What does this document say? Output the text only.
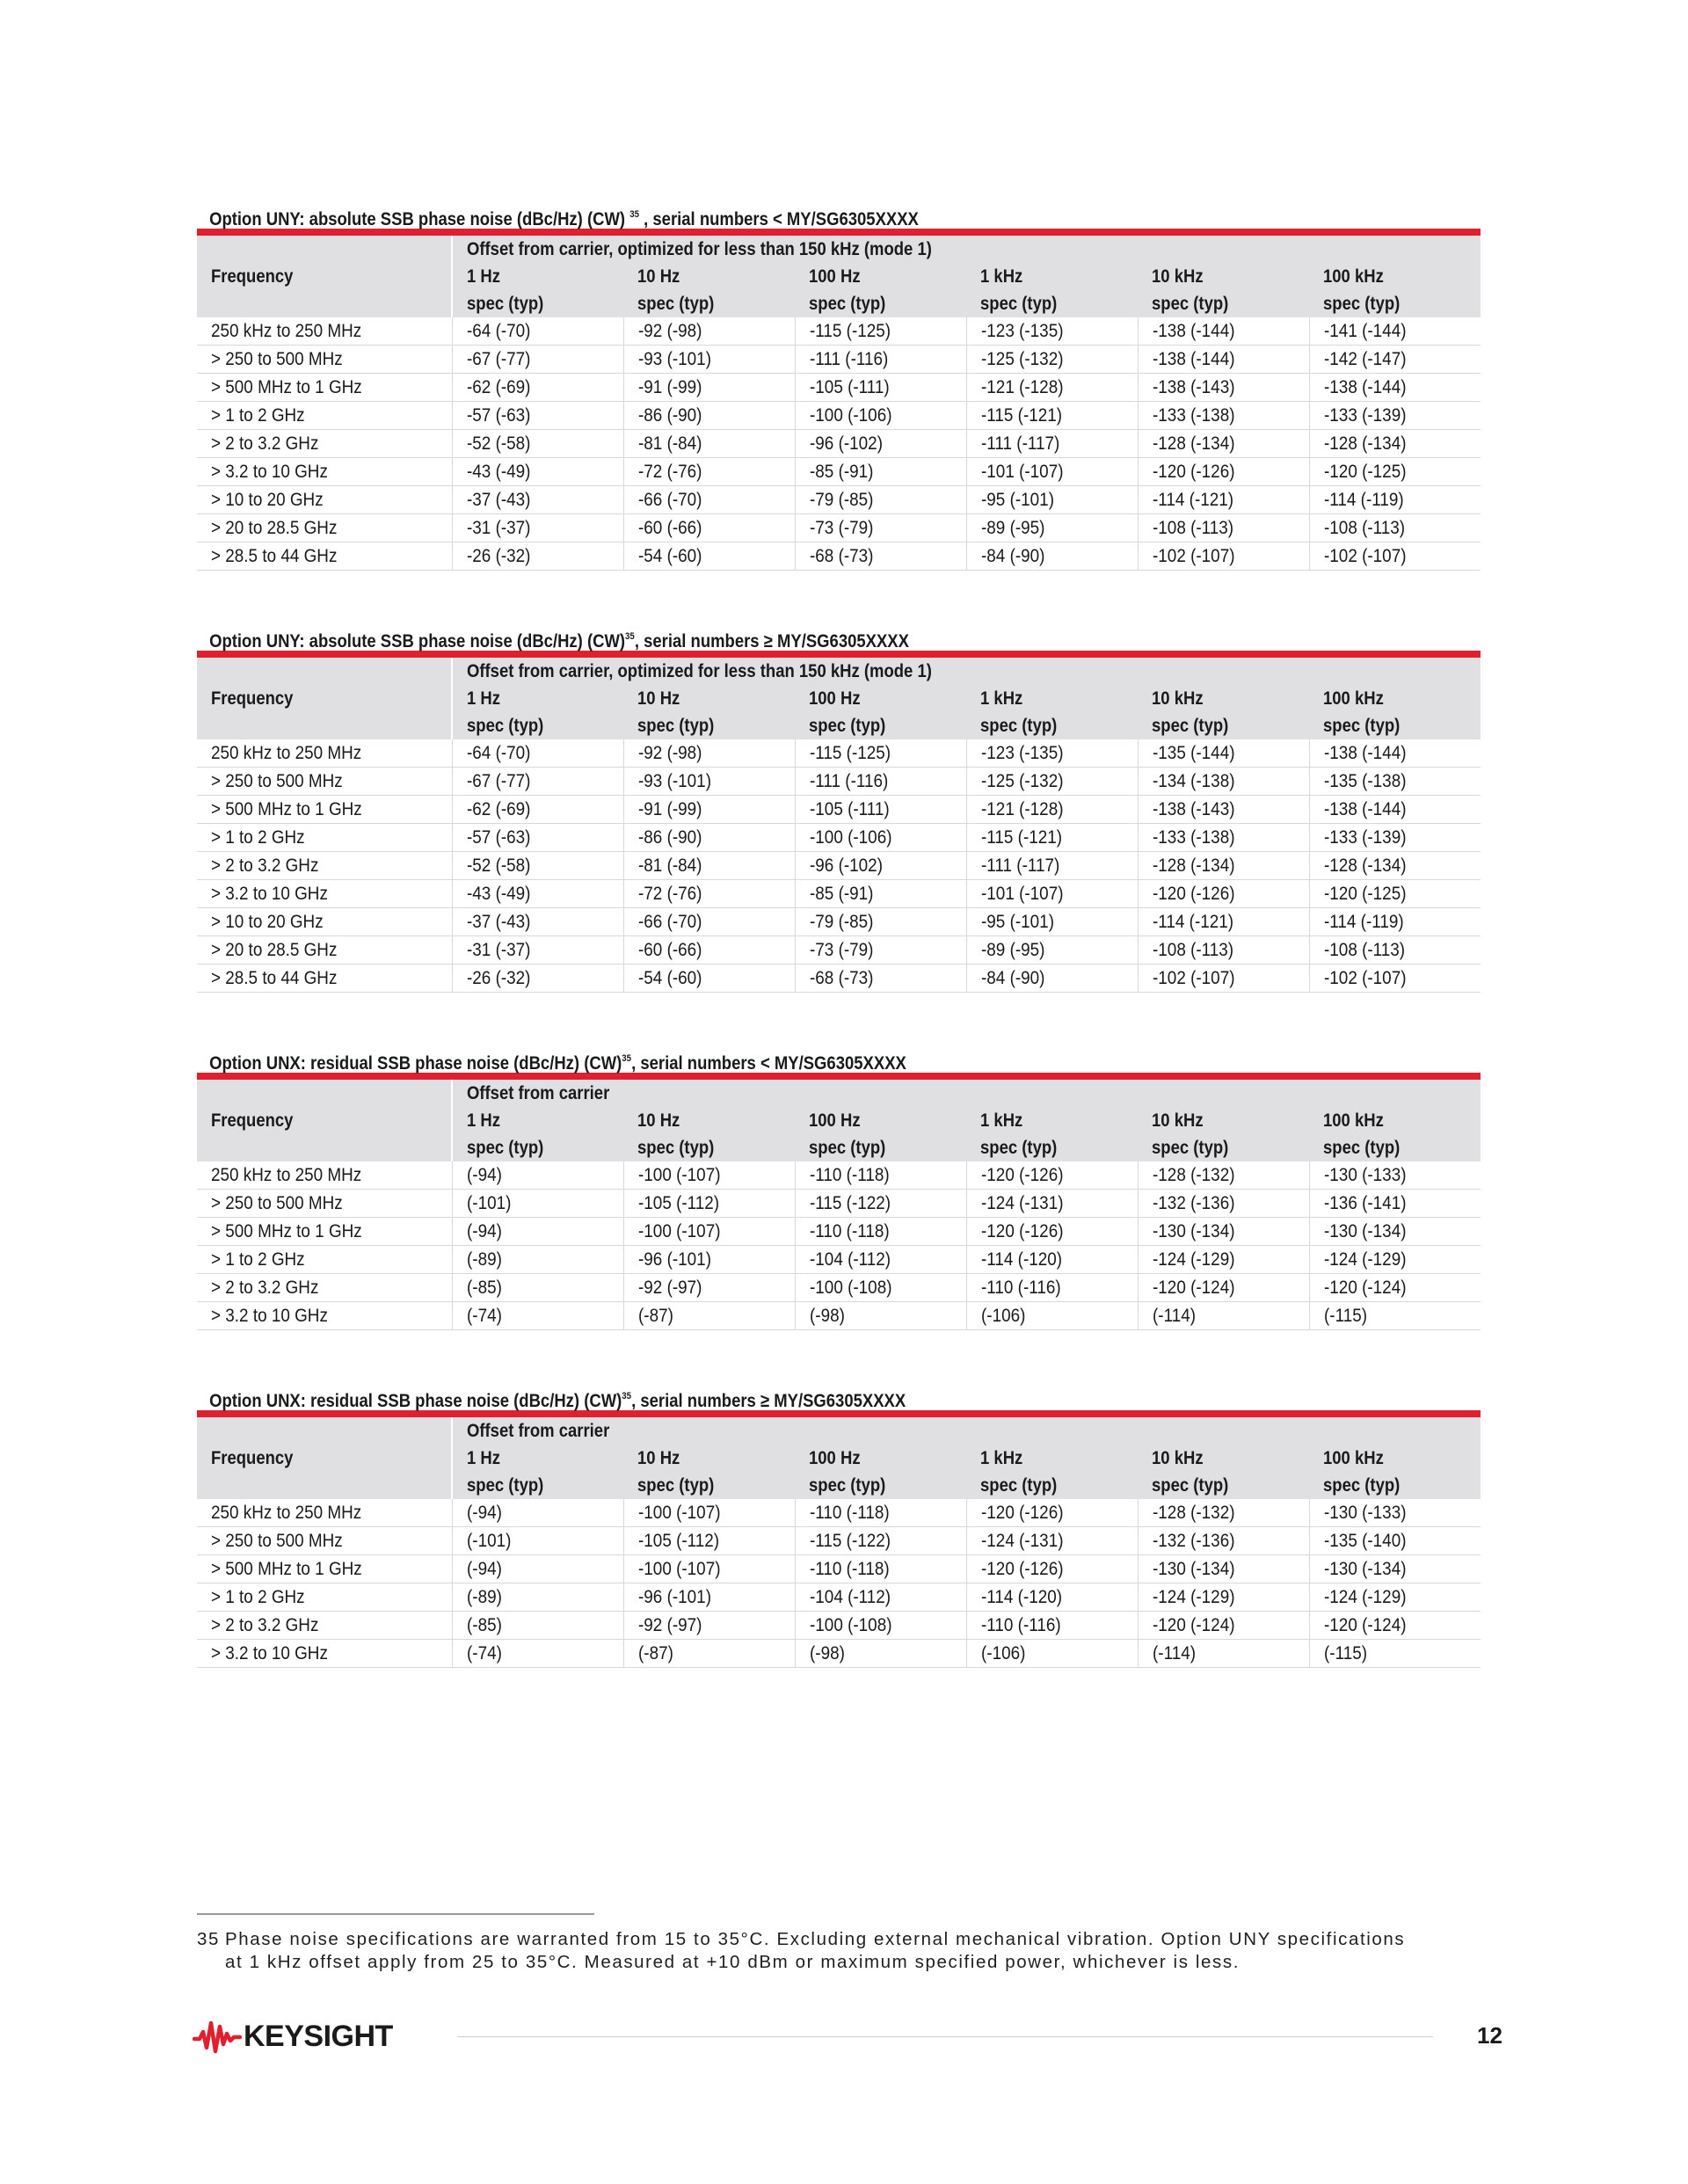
Option UNY: absolute SSB phase noise (dBc/Hz) (CW) $^{35}$ , serial numbers < MY/SG6305XXXX
Frequency	Offset from carrier, optimized for less than 150 kHz (mode 1)					
	1 Hz	10 Hz	100 Hz	1 kHz	10 kHz	100 kHz
	spec (typ)	spec (typ)	spec (typ)	spec (typ)	spec (typ)	spec (typ)
250 kHz to 250 MHz	-64 (-70)	-92 (-98)	-115 (-125)	-123 (-135)	-138 (-144)	-141 (-144)
> 250 to 500 MHz	-67 (-77)	-93 (-101)	-111 (-116)	-125 (-132)	-138 (-144)	-142 (-147)
> 500 MHz to 1 GHz	-62 (-69)	-91 (-99)	-105 (-111)	-121 (-128)	-138 (-143)	-138 (-144)
> 1 to 2 GHz	-57 (-63)	-86 (-90)	-100 (-106)	-115 (-121)	-133 (-138)	-133 (-139)
> 2 to 3.2 GHz	-52 (-58)	-81 (-84)	-96 (-102)	-111 (-117)	-128 (-134)	-128 (-134)
> 3.2 to 10 GHz	-43 (-49)	-72 (-76)	-85 (-91)	-101 (-107)	-120 (-126)	-120 (-125)
> 10 to 20 GHz	-37 (-43)	-66 (-70)	-79 (-85)	-95 (-101)	-114 (-121)	-114 (-119)
> 20 to 28.5 GHz	-31 (-37)	-60 (-66)	-73 (-79)	-89 (-95)	-108 (-113)	-108 (-113)
> 28.5 to 44 GHz	-26 (-32)	-54 (-60)	-68 (-73)	-84 (-90)	-102 (-107)	-102 (-107)
Option UNY: absolute SSB phase noise (dBc/Hz) (CW)$^{35}$, serial numbers ≥ MY/SG6305XXXX
Frequency	Offset from carrier, optimized for less than 150 kHz (mode 1)					
	1 Hz	10 Hz	100 Hz	1 kHz	10 kHz	100 kHz
	spec (typ)	spec (typ)	spec (typ)	spec (typ)	spec (typ)	spec (typ)
250 kHz to 250 MHz	-64 (-70)	-92 (-98)	-115 (-125)	-123 (-135)	-135 (-144)	-138 (-144)
> 250 to 500 MHz	-67 (-77)	-93 (-101)	-111 (-116)	-125 (-132)	-134 (-138)	-135 (-138)
> 500 MHz to 1 GHz	-62 (-69)	-91 (-99)	-105 (-111)	-121 (-128)	-138 (-143)	-138 (-144)
> 1 to 2 GHz	-57 (-63)	-86 (-90)	-100 (-106)	-115 (-121)	-133 (-138)	-133 (-139)
> 2 to 3.2 GHz	-52 (-58)	-81 (-84)	-96 (-102)	-111 (-117)	-128 (-134)	-128 (-134)
> 3.2 to 10 GHz	-43 (-49)	-72 (-76)	-85 (-91)	-101 (-107)	-120 (-126)	-120 (-125)
> 10 to 20 GHz	-37 (-43)	-66 (-70)	-79 (-85)	-95 (-101)	-114 (-121)	-114 (-119)
> 20 to 28.5 GHz	-31 (-37)	-60 (-66)	-73 (-79)	-89 (-95)	-108 (-113)	-108 (-113)
> 28.5 to 44 GHz	-26 (-32)	-54 (-60)	-68 (-73)	-84 (-90)	-102 (-107)	-102 (-107)
Option UNX: residual SSB phase noise (dBc/Hz) (CW)$^{35}$, serial numbers < MY/SG6305XXXX
Frequency	Offset from carrier					
	1 Hz	10 Hz	100 Hz	1 kHz	10 kHz	100 kHz
	spec (typ)	spec (typ)	spec (typ)	spec (typ)	spec (typ)	spec (typ)
250 kHz to 250 MHz	(-94)	-100 (-107)	-110 (-118)	-120 (-126)	-128 (-132)	-130 (-133)
> 250 to 500 MHz	(-101)	-105 (-112)	-115 (-122)	-124 (-131)	-132 (-136)	-136 (-141)
> 500 MHz to 1 GHz	(-94)	-100 (-107)	-110 (-118)	-120 (-126)	-130 (-134)	-130 (-134)
> 1 to 2 GHz	(-89)	-96 (-101)	-104 (-112)	-114 (-120)	-124 (-129)	-124 (-129)
> 2 to 3.2 GHz	(-85)	-92 (-97)	-100 (-108)	-110 (-116)	-120 (-124)	-120 (-124)
> 3.2 to 10 GHz	(-74)	(-87)	(-98)	(-106)	(-114)	(-115)
Option UNX: residual SSB phase noise (dBc/Hz) (CW)$^{35}$, serial numbers ≥ MY/SG6305XXXX
Frequency	Offset from carrier					
	1 Hz	10 Hz	100 Hz	1 kHz	10 kHz	100 kHz
	spec (typ)	spec (typ)	spec (typ)	spec (typ)	spec (typ)	spec (typ)
250 kHz to 250 MHz	(-94)	-100 (-107)	-110 (-118)	-120 (-126)	-128 (-132)	-130 (-133)
> 250 to 500 MHz	(-101)	-105 (-112)	-115 (-122)	-124 (-131)	-132 (-136)	-135 (-140)
> 500 MHz to 1 GHz	(-94)	-100 (-107)	-110 (-118)	-120 (-126)	-130 (-134)	-130 (-134)
> 1 to 2 GHz	(-89)	-96 (-101)	-104 (-112)	-114 (-120)	-124 (-129)	-124 (-129)
> 2 to 3.2 GHz	(-85)	-92 (-97)	-100 (-108)	-110 (-116)	-120 (-124)	-120 (-124)
> 3.2 to 10 GHz	(-74)	(-87)	(-98)	(-106)	(-114)	(-115)
35 Phase noise specifications are warranted from 15 to 35°C. Excluding external mechanical vibration. Option UNY specifications
at 1 kHz offset apply from 25 to 35°C. Measured at +10 dBm or maximum specified power, whichever is less.
KEYSIGHT	12
